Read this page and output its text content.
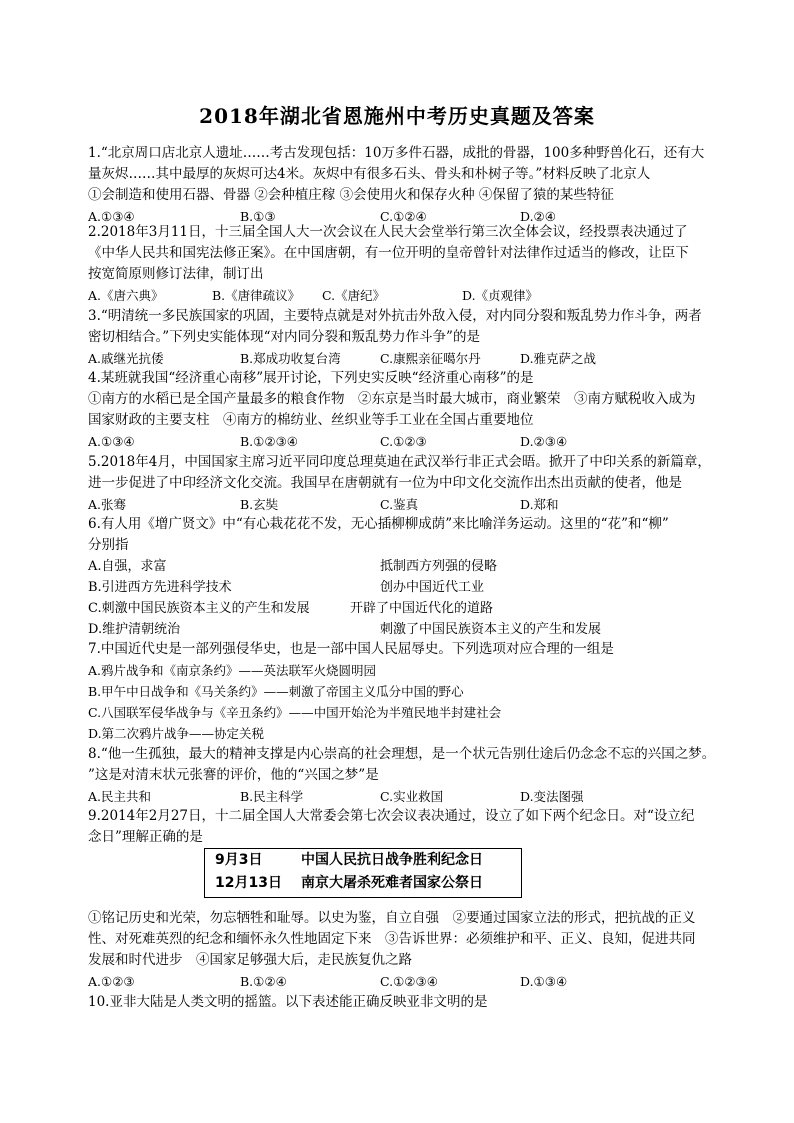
2018年湖北省恩施州中考历史真题及答案
1.“北京周口店北京人遗址……考古发现包括：10万多件石器，成批的骨器，100多种野兽化石，还有大
量灰烬……其中最厚的灰烬可达4米。灰烬中有很多石头、骨头和朴树子等。”材料反映了北京人
①会制造和使用石器、骨器 ②会种植庄稼 ③会使用火和保存火种 ④保留了猿的某些特征
A.①③④	B.①③	C.①②④	D.②④
2.2018年3月11日，十三届全国人大一次会议在人民大会堂举行第三次全体会议，经投票表决通过了
《中华人民共和国宪法修正案》。在中国唐朝，有一位开明的皇帝曾针对法律作过适当的修改，让臣下
按宽简原则修订法律，制订出
A.《唐六典》	B.《唐律疏议》 C.《唐纪》	D.《贞观律》
3.“明清统一多民族国家的巩固，主要特点就是对外抗击外敌入侵，对内同分裂和叛乱势力作斗争，两者
密切相结合。”下列史实能体现“对内同分裂和叛乱势力作斗争”的是
A.戚继光抗倭	B.郑成功收复台湾	C.康熙亲征噶尔丹	D.雅克萨之战
4.某班就我国“经济重心南移”展开讨论，下列史实反映“经济重心南移”的是
①南方的水稻已是全国产量最多的粮食作物　②东京是当时最大城市，商业繁荣　③南方赋税收入成为
国家财政的主要支柱　④南方的棉纺业、丝织业等手工业在全国占重要地位
A.①③④	B.①②③④	C.①②③	D.②③④
5.2018年4月，中国国家主席习近平同印度总理莫迪在武汉举行非正式会晤。掀开了中印关系的新篇章，
进一步促进了中印经济文化交流。我国早在唐朝就有一位为中印文化交流作出杰出贡献的使者，他是
A.张骞	B.玄奘	C.鉴真	D.郑和
6.有人用《增广贤文》中“有心栽花花不发，无心插柳柳成荫”来比喻洋务运动。这里的“花”和“柳”
分别指
A.自强，求富	抵制西方列强的侵略
B.引进西方先进科学技术	创办中国近代工业
C.刺激中国民族资本主义的产生和发展	开辟了中国近代化的道路
D.维护清朝统治	刺激了中国民族资本主义的产生和发展
7.中国近代史是一部列强侵华史，也是一部中国人民屈辱史。下列选项对应合理的一组是
A.鸦片战争和《南京条约》——英法联军火烧圆明园
B.甲午中日战争和《马关条约》——刺激了帝国主义瓜分中国的野心
C.八国联军侵华战争与《辛丑条约》——中国开始沦为半殖民地半封建社会
D.第二次鸦片战争——协定关税
8.“他一生孤独，最大的精神支撑是内心崇高的社会理想，是一个状元告别仕途后仍念念不忘的兴国之梦。
”这是对清末状元张謇的评价，他的“兴国之梦”是
A.民主共和	B.民主科学	C.实业救国	D.变法图强
9.2014年2月27日，十二届全国人大常委会第七次会议表决通过，设立了如下两个纪念日。对“设立纪
念日”理解正确的是
9月3日	中国人民抗日战争胜利纪念日
12月13日 南京大屠杀死难者国家公祭日
①铭记历史和光荣，勿忘牺牲和耻辱。以史为鉴，自立自强　②要通过国家立法的形式，把抗战的正义
性、对死难英烈的纪念和缅怀永久性地固定下来　③告诉世界：必须维护和平、正义、良知，促进共同
发展和时代进步　④国家足够强大后，走民族复仇之路
A.①②③	B.①②④	C.①②③④	D.①③④
10.亚非大陆是人类文明的摇篮。以下表述能正确反映亚非文明的是
